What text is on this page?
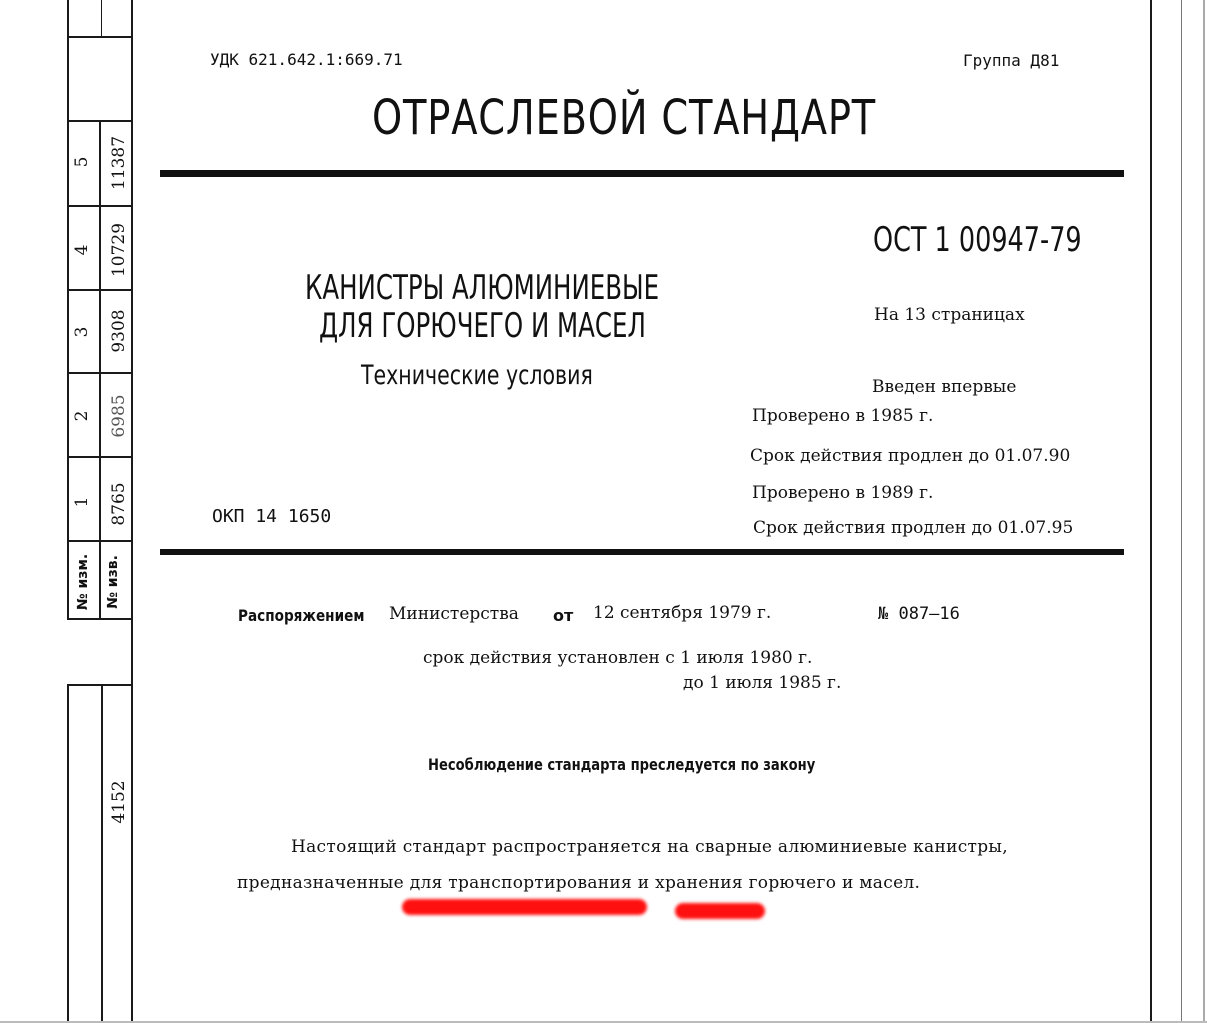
5 11387
4 10729
3 9308
2 6985
1 8765
№ изм.	№ изв.
4152
УДК 621.642.1:669.71	Группа Д81
ОТРАСЛЕВОЙ СТАНДАРТ
ОСТ 1 00947-79
На 13 страницах
КАНИСТРЫ АЛЮМИНИЕВЫЕ
ДЛЯ ГОРЮЧЕГО И МАСЕЛ
Технические условия	Введен впервые
Проверено в 1985 г.
Срок действия продлен до 01.07.90
Проверено в 1989 г.
Срок действия продлен до 01.07.95
ОКП 14 1650
Распоряжением Министерства от 12 сентября 1979 г.	№ 087–16
срок действия установлен с 1 июля 1980 г.
до 1 июля 1985 г.
Несоблюдение стандарта преследуется по закону
Настоящий стандарт распространяется на сварные алюминиевые канистры,
предназначенные для транспортирования и хранения горючего и масел.
